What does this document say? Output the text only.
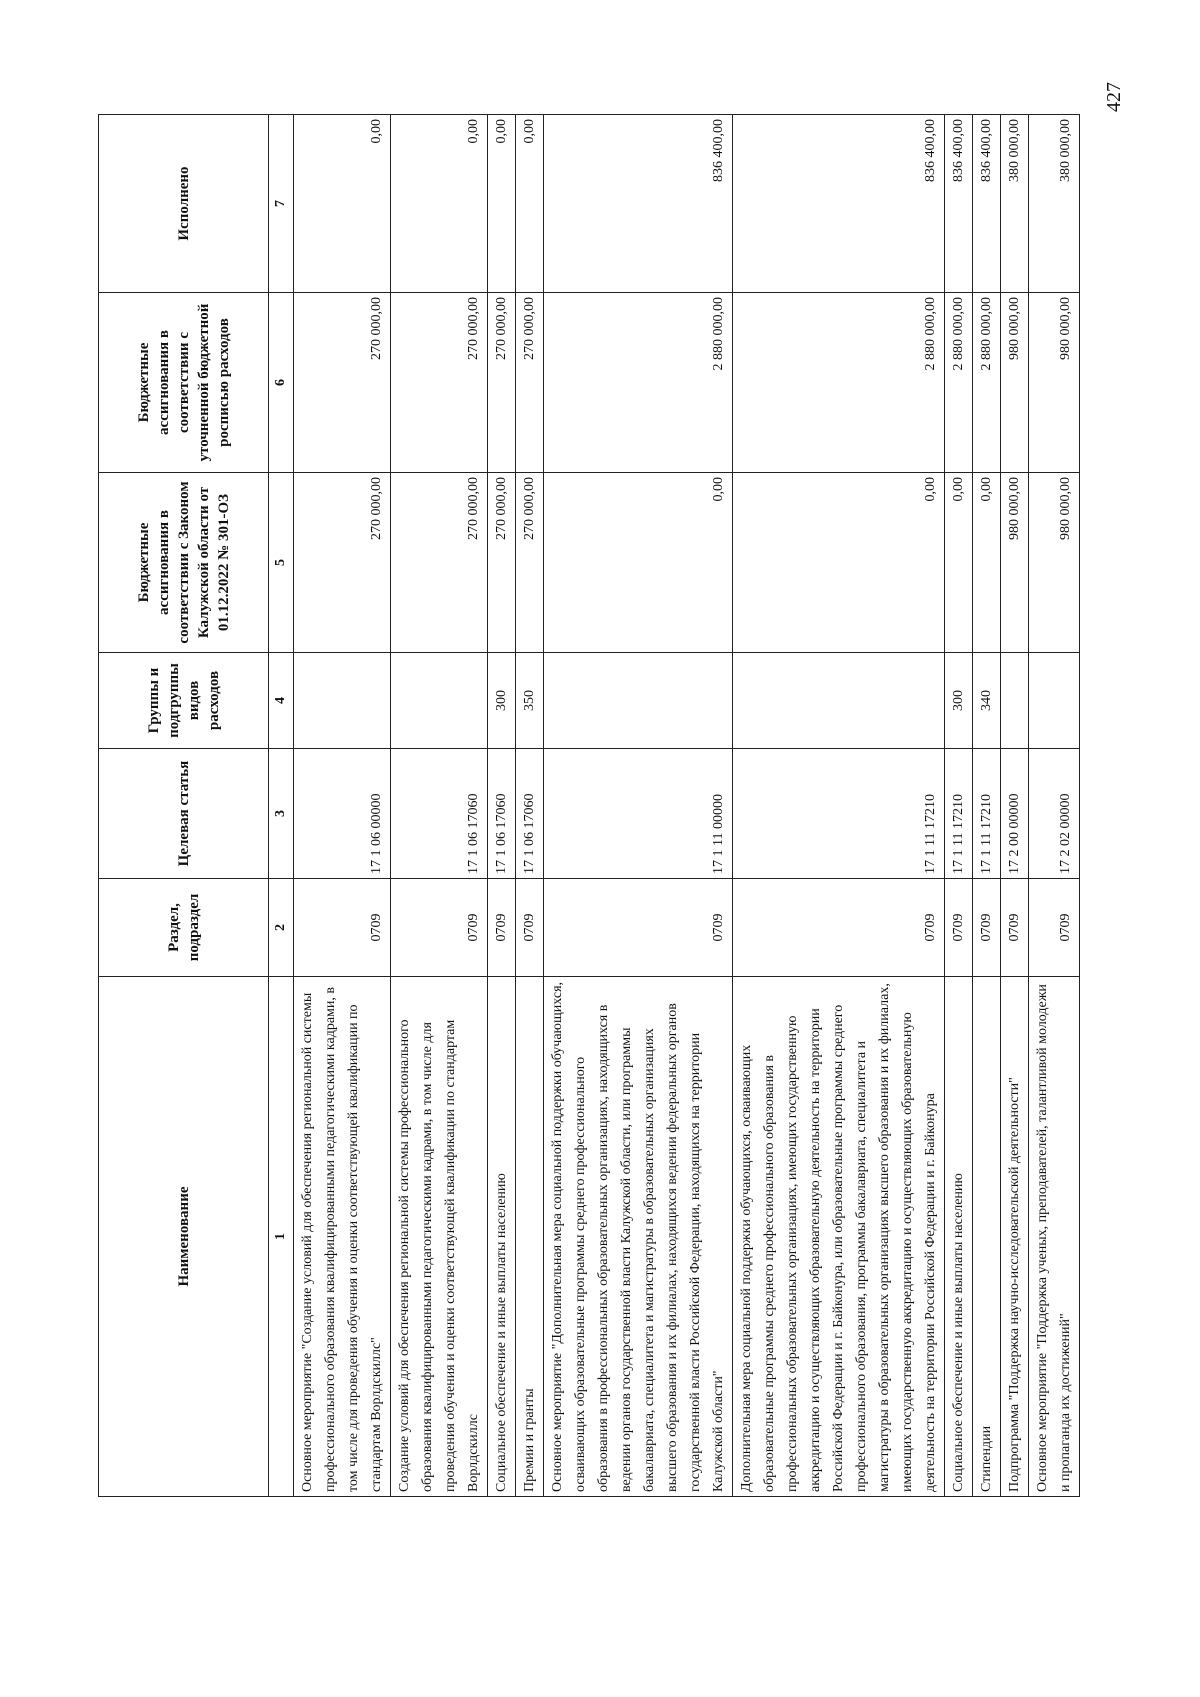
Наименование	Раздел, подраздел	Целевая статья	Группы и подгруппы видов расходов	Бюджетные ассигнования в соответствии с Законом Калужской области от 01.12.2022 № 301-ОЗ	Бюджетные ассигнования в соответствии с уточненной бюджетной росписью расходов	Исполнено
1	2	3	4	5	6	7
Основное мероприятие "Создание условий для обеспечения региональной системы профессионального образования квалифицированными педагогическими кадрами, в том числе для проведения обучения и оценки соответствующей квалификации по стандартам Ворлдскиллс"	0709	17 1 06 00000		270 000,00	270 000,00	0,00
Создание условий для обеспечения региональной системы профессионального образования квалифицированными педагогическими кадрами, в том числе для проведения обучения и оценки соответствующей квалификации по стандартам Ворлдскиллс	0709	17 1 06 17060		270 000,00	270 000,00	0,00
Социальное обеспечение и иные выплаты населению	0709	17 1 06 17060	300	270 000,00	270 000,00	0,00
Премии и гранты	0709	17 1 06 17060	350	270 000,00	270 000,00	0,00
Основное мероприятие "Дополнительная мера социальной поддержки обучающихся, осваивающих образовательные программы среднего профессионального образования в профессиональных образовательных организациях, находящихся в ведении органов государственной власти Калужской области, или программы бакалавриата, специалитета и магистратуры в образовательных организациях высшего образования и их филиалах, находящихся ведении федеральных органов государственной власти Российской Федерации, находящихся на территории Калужской области"	0709	17 1 11 00000		0,00	2 880 000,00	836 400,00
Дополнительная мера социальной поддержки обучающихся, осваивающих образовательные программы среднего профессионального образования в профессиональных образовательных организациях, имеющих государственную аккредитацию и осуществляющих образовательную деятельность на территории Российской Федерации и г. Байконура, или образовательные программы среднего профессионального образования, программы бакалавриата, специалитета и магистратуры в образовательных организациях высшего образования и их филиалах, имеющих государственную аккредитацию и осуществляющих образовательную деятельность на территории Российской Федерации и г. Байконура	0709	17 1 11 17210		0,00	2 880 000,00	836 400,00
Социальное обеспечение и иные выплаты населению	0709	17 1 11 17210	300	0,00	2 880 000,00	836 400,00
Стипендии	0709	17 1 11 17210	340	0,00	2 880 000,00	836 400,00
Подпрограмма "Поддержка научно-исследовательской деятельности"	0709	17 2 00 00000		980 000,00	980 000,00	380 000,00
Основное мероприятие "Поддержка ученых, преподавателей, талантливой молодежи и пропаганда их достижений"	0709	17 2 02 00000		980 000,00	980 000,00	380 000,00
427
